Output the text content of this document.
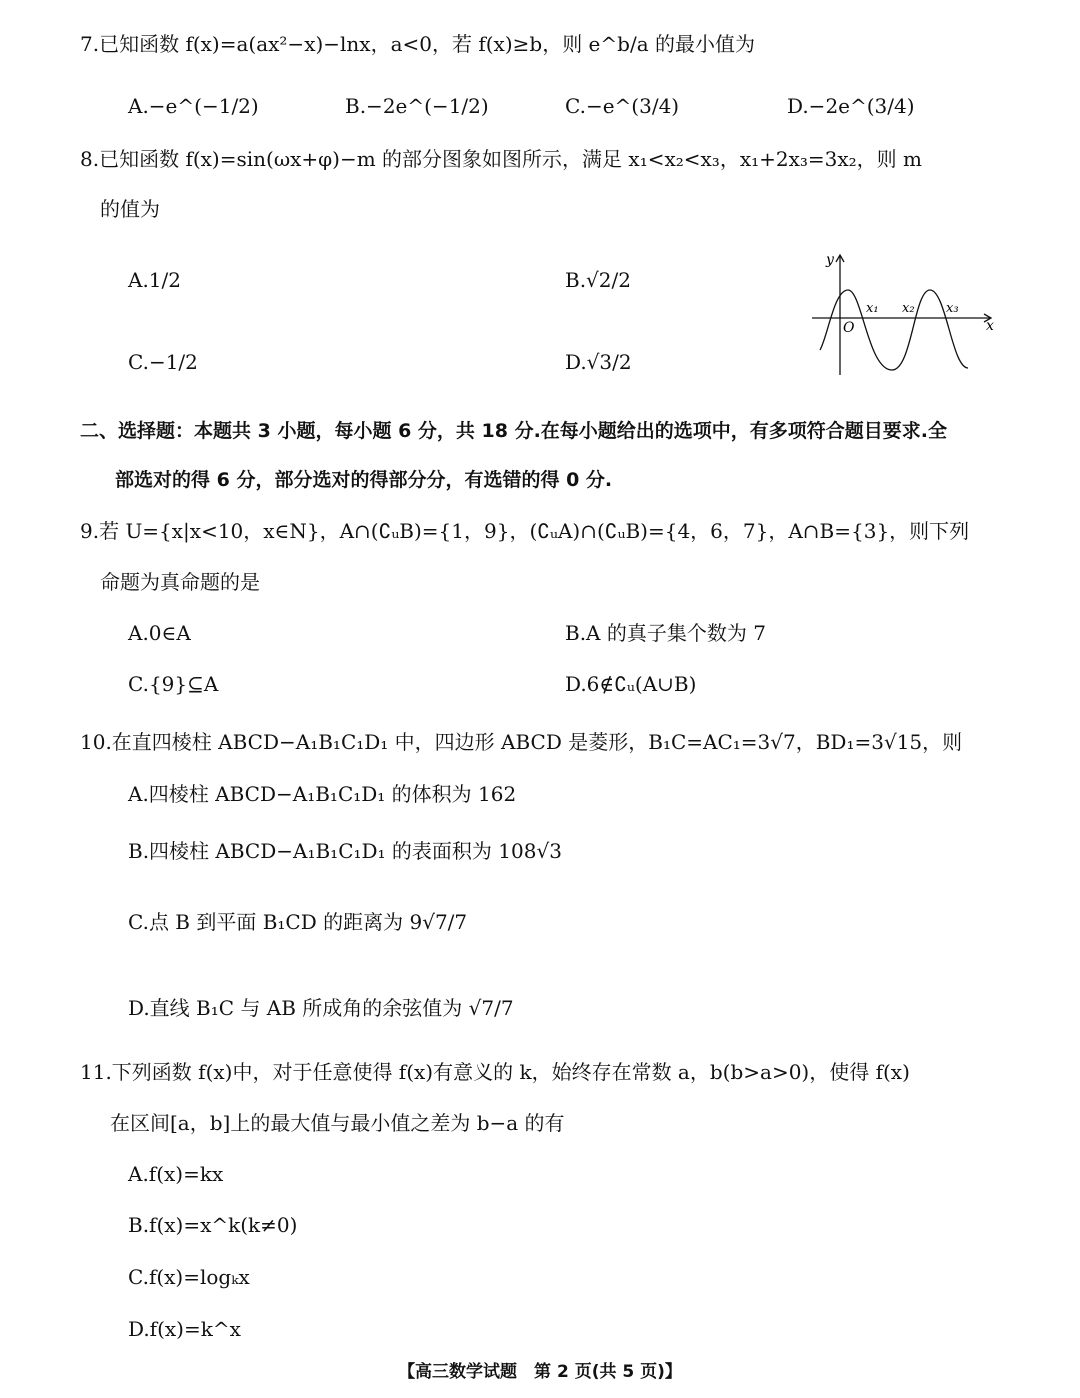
7.已知函数 f(x)=a(ax²−x)−lnx，a<0，若 f(x)≥b，则 e^b/a 的最小值为
A.−e^(−1/2)	B.−2e^(−1/2)	C.−e^(3/4)	D.−2e^(3/4)
8.已知函数 f(x)=sin(ωx+φ)−m 的部分图象如图所示，满足 x₁<x₂<x₃，x₁+2x₃=3x₂，则 m
的值为
A.1/2	B.√2/2
C.−1/2	D.√3/2
y
x
O
x₁ x₂ x₃
二、选择题：本题共 3 小题，每小题 6 分，共 18 分.在每小题给出的选项中，有多项符合题目要求.全
部选对的得 6 分，部分选对的得部分分，有选错的得 0 分.
9.若 U={x|x<10，x∈N}，A∩(∁ᵤB)={1，9}，(∁ᵤA)∩(∁ᵤB)={4，6，7}，A∩B={3}，则下列
命题为真命题的是
A.0∈A	B.A 的真子集个数为 7
C.{9}⊆A	D.6∉∁ᵤ(A∪B)
10.在直四棱柱 ABCD−A₁B₁C₁D₁ 中，四边形 ABCD 是菱形，B₁C=AC₁=3√7，BD₁=3√15，则
A.四棱柱 ABCD−A₁B₁C₁D₁ 的体积为 162
B.四棱柱 ABCD−A₁B₁C₁D₁ 的表面积为 108√3
C.点 B 到平面 B₁CD 的距离为 9√7/7
D.直线 B₁C 与 AB 所成角的余弦值为 √7/7
11.下列函数 f(x)中，对于任意使得 f(x)有意义的 k，始终存在常数 a，b(b>a>0)，使得 f(x)
在区间[a，b]上的最大值与最小值之差为 b−a 的有
A.f(x)=kx
B.f(x)=x^k(k≠0)
C.f(x)=logₖx
D.f(x)=k^x
【高三数学试题　第 2 页(共 5 页)】
